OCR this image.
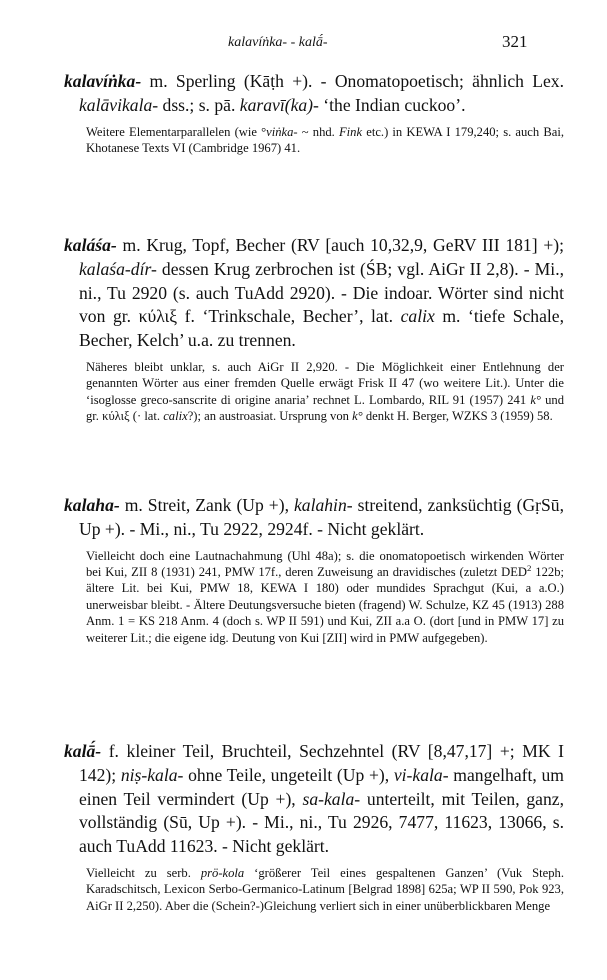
kalavíṅka- - kalā́-	321

kalavíṅka- m. Sperling (Kāṭh +). - Onomatopoetisch; ähnlich Lex. kalāvikala- dss.; s. pā. karavī(ka)- ‘the Indian cuckoo’.

Weitere Elementarparallelen (wie °viṅka- ~ nhd. Fink etc.) in KEWA I 179,240; s. auch Bai, Khotanese Texts VI (Cambridge 1967) 41.

kaláśa- m. Krug, Topf, Becher (RV [auch 10,32,9, GeRV III 181] +); kalaśa-dír- dessen Krug zerbrochen ist (ŚB; vgl. AiGr II 2,8). - Mi., ni., Tu 2920 (s. auch TuAdd 2920). - Die indoar. Wörter sind nicht von gr. κύλιξ f. ‘Trinkschale, Becher’, lat. calix m. ‘tiefe Schale, Becher, Kelch’ u.a. zu trennen.

Näheres bleibt unklar, s. auch AiGr II 2,920. - Die Möglichkeit einer Entlehnung der genannten Wörter aus einer fremden Quelle erwägt Frisk II 47 (wo weitere Lit.). Unter die ‘isoglosse greco-sanscrite di origine anaria’ rechnet L. Lombardo, RIL 91 (1957) 241 k° und gr. κύλιξ (· lat. calix?); an austroasiat. Ursprung von k° denkt H. Berger, WZKS 3 (1959) 58.

kalaha- m. Streit, Zank (Up +), kalahin- streitend, zanksüchtig (GṛSū, Up +). - Mi., ni., Tu 2922, 2924f. - Nicht geklärt.

Vielleicht doch eine Lautnachahmung (Uhl 48a); s. die onomatopoetisch wirkenden Wörter bei Kui, ZII 8 (1931) 241, PMW 17f., deren Zuweisung an dravidisches (zuletzt DED$^2$ 122b; ältere Lit. bei Kui, PMW 18, KEWA I 180) oder mundides Sprachgut (Kui, a a.O.) unerweisbar bleibt. - Ältere Deutungsversuche bieten (fragend) W. Schulze, KZ 45 (1913) 288 Anm. 1 = KS 218 Anm. 4 (doch s. WP II 591) und Kui, ZII a.a O. (dort [und in PMW 17] zu weiterer Lit.; die eigene idg. Deutung von Kui [ZII] wird in PMW aufgegeben).

kalā́- f. kleiner Teil, Bruchteil, Sechzehntel (RV [8,47,17] +; MK I 142); niṣ-kala- ohne Teile, ungeteilt (Up +), vi-kala- mangelhaft, um einen Teil vermindert (Up +), sa-kala- unterteilt, mit Teilen, ganz, vollständig (Sū, Up +). - Mi., ni., Tu 2926, 7477, 11623, 13066, s. auch TuAdd 11623. - Nicht geklärt.

Vielleicht zu serb. prö-kola ‘größerer Teil eines gespaltenen Ganzen’ (Vuk Steph. Karadschitsch, Lexicon Serbo-Germanico-Latinum [Belgrad 1898] 625a; WP II 590, Pok 923, AiGr II 2,250). Aber die (Schein?-)Gleichung verliert sich in einer unüberblickbaren Menge
